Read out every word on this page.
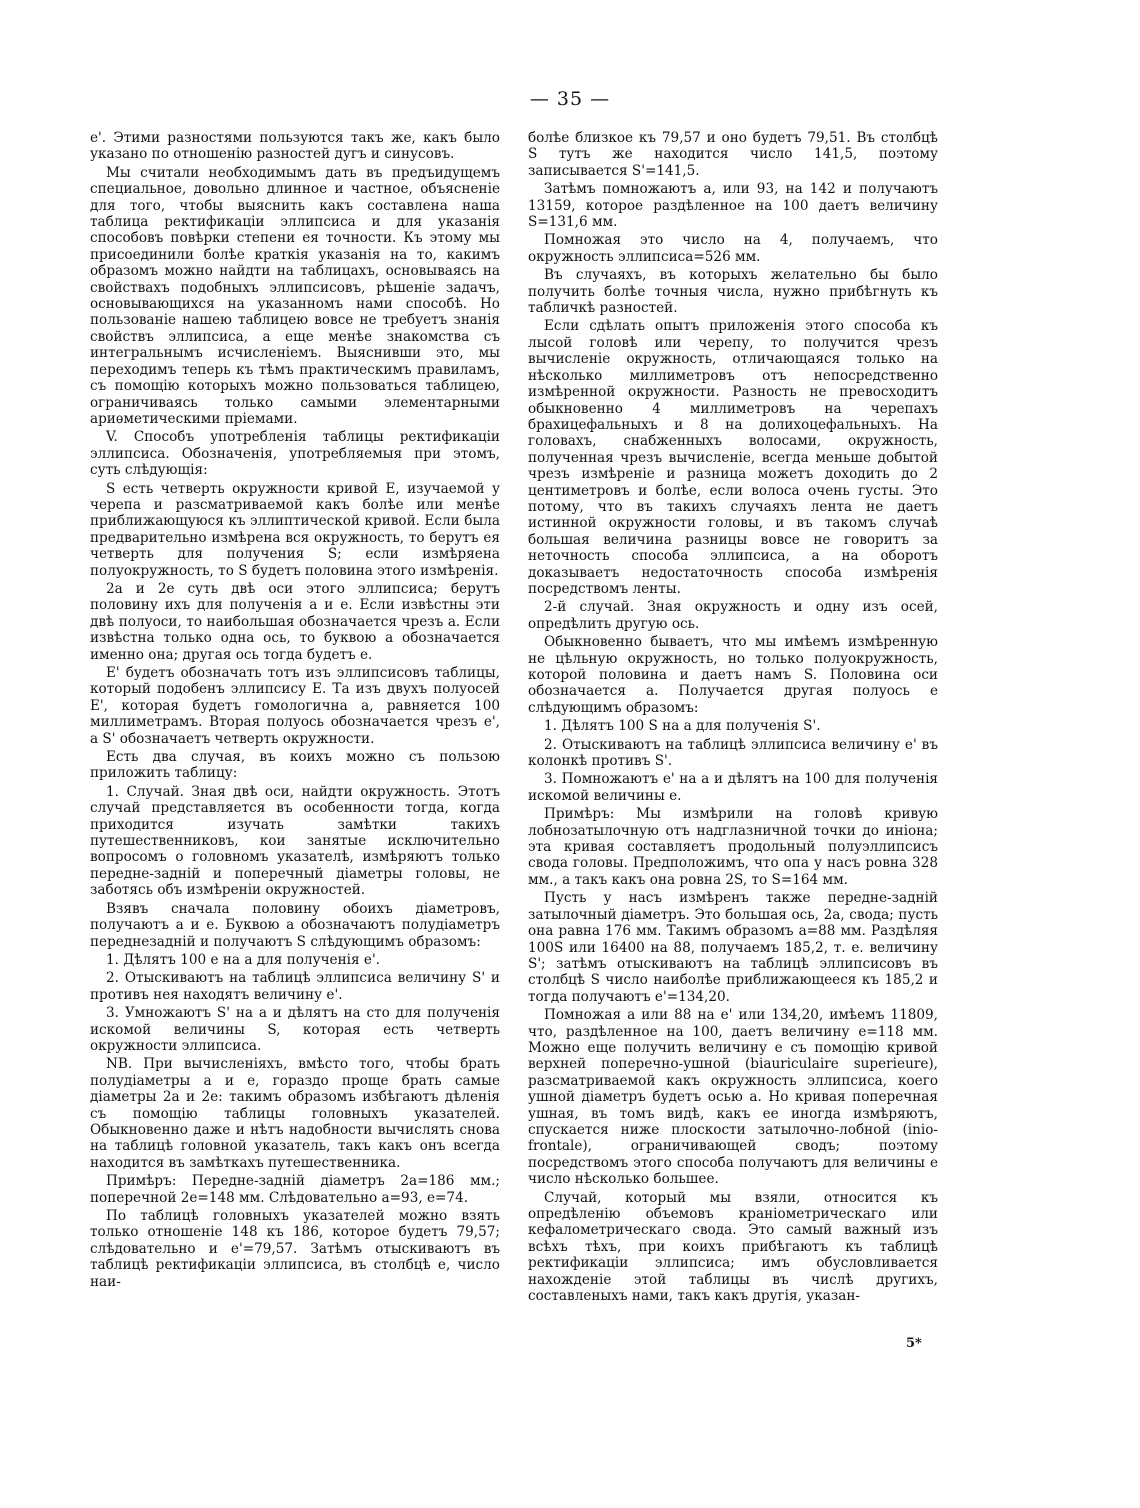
— 35 —

e'. Этими разностями пользуются такъ же, какъ было указано по отношенію разностей дугъ и синусовъ.

Мы считали необходимымъ дать въ предъидущемъ специальное, довольно длинное и частное, объясненіе для того, чтобы выяснить какъ составлена наша таблица ректификаціи эллипсиса и для указанія способовъ повѣрки степени ея точности. Къ этому мы присоединили болѣе краткія указанія на то, какимъ образомъ можно найдти на таблицахъ, основываясь на свойствахъ подобныхъ эллипсисовъ, рѣшеніе задачъ, основывающихся на указанномъ нами способѣ. Но пользованіе нашею таблицею вовсе не требуетъ знанія свойствъ эллипсиса, а еще менѣе знакомства съ интегральнымъ исчисленіемъ. Выяснивши это, мы переходимъ теперь къ тѣмъ практическимъ правиламъ, съ помощію которыхъ можно пользоваться таблицею, ограничиваясь только самыми элементарными ариѳметическими пріемами.

V. Способъ употребленія таблицы ректификаціи эллипсиса. Обозначенія, употребляемыя при этомъ, суть слѣдующія:

S есть четверть окружности кривой E, изучаемой у черепа и разсматриваемой какъ болѣе или менѣе приближающуюся къ эллиптической кривой. Если была предварительно измѣрена вся окружность, то берутъ ея четверть для получения S; если измѣряена полуокружность, то S будетъ половина этого измѣренія.

2a и 2e суть двѣ оси этого эллипсиса; берутъ половину ихъ для полученія a и e. Если извѣстны эти двѣ полуоси, то наибольшая обозначается чрезъ a. Если извѣстна только одна ось, то буквою a обозначается именно она; другая ось тогда будетъ e.

E' будетъ обозначать тотъ изъ эллипсисовъ таблицы, который подобенъ эллипсису E. Та изъ двухъ полуосей E', которая будетъ гомологична a, равняется 100 миллиметрамъ. Вторая полуось обозначается чрезъ e', а S' обозначаетъ четверть окружности.

Есть два случая, въ коихъ можно съ пользою приложить таблицу:

1. Случай. Зная двѣ оси, найдти окружность. Этотъ случай представляется въ особенности тогда, когда приходится изучать замѣтки такихъ путешественниковъ, кои занятые исключительно вопросомъ о головномъ указателѣ, измѣряютъ только передне-задній и поперечный діаметры головы, не заботясь объ измѣреніи окружностей.

Взявъ сначала половину обоихъ діаметровъ, получаютъ a и e. Буквою a обозначаютъ полудіаметръ переднезадній и получаютъ S слѣдующимъ образомъ:

1. Дѣлятъ 100 e на a для полученія e'.

2. Отыскиваютъ на таблицѣ эллипсиса величину S' и противъ нея находятъ величину e'.

3. Умножаютъ S' на a и дѣлятъ на сто для полученія искомой величины S, которая есть четверть окружности эллипсиса.

NB. При вычисленіяхъ, вмѣсто того, чтобы брать полудіаметры a и e, гораздо проще брать самые діаметры 2a и 2e: такимъ образомъ избѣгаютъ дѣленія съ помощію таблицы головныхъ указателей. Обыкновенно даже и нѣтъ надобности вычислять снова на таблицѣ головной указатель, такъ какъ онъ всегда находится въ замѣткахъ путешественника.

Примѣръ: Передне-задній діаметръ 2a=186 мм.; поперечной 2e=148 мм. Слѣдовательно a=93, e=74.

По таблицѣ головныхъ указателей можно взять только отношеніе 148 къ 186, которое будетъ 79,57; слѣдовательно и e'=79,57. Затѣмъ отыскиваютъ въ таблицѣ ректификаціи эллипсиса, въ столбцѣ e, число наи-

болѣе близкое къ 79,57 и оно будетъ 79,51. Въ столбцѣ S тутъ же находится число 141,5, поэтому записывается S'=141,5.

Затѣмъ помножаютъ a, или 93, на 142 и получаютъ 13159, которое раздѣленное на 100 даетъ величину S=131,6 мм.

Помножая это число на 4, получаемъ, что окружность эллипсиса=526 мм.

Въ случаяхъ, въ которыхъ желательно бы было получить болѣе точныя числа, нужно прибѣгнуть къ табличкѣ разностей.

Если сдѣлать опытъ приложенія этого способа къ лысой головѣ или черепу, то получится чрезъ вычисленіе окружность, отличающаяся только на нѣсколько миллиметровъ отъ непосредственно измѣренной окружности. Разность не превосходитъ обыкновенно 4 миллиметровъ на черепахъ брахицефальныхъ и 8 на долихоцефальныхъ. На головахъ, снабженныхъ волосами, окружность, полученная чрезъ вычисленіе, всегда меньше добытой чрезъ измѣреніе и разница можетъ доходить до 2 центиметровъ и болѣе, если волоса очень густы. Это потому, что въ такихъ случаяхъ лента не даетъ истинной окружности головы, и въ такомъ случаѣ большая величина разницы вовсе не говоритъ за неточность способа эллипсиса, а на оборотъ доказываетъ недостаточность способа измѣренія посредствомъ ленты.

2-й случай. Зная окружность и одну изъ осей, опредѣлить другую ось.

Обыкновенно бываетъ, что мы имѣемъ измѣренную не цѣльную окружность, но только полуокружность, которой половина и даетъ намъ S. Половина оси обозначается a. Получается другая полуось e слѣдующимъ образомъ:

1. Дѣлятъ 100 S на a для полученія S'.

2. Отыскиваютъ на таблицѣ эллипсиса величину e' въ колонкѣ противъ S'.

3. Помножаютъ e' на a и дѣлятъ на 100 для полученія искомой величины e.

Примѣръ: Мы измѣрили на головѣ кривую лобнозатылочную отъ надглазничной точки до иніона; эта кривая составляетъ продольный полуэллипсисъ свода головы. Предположимъ, что опа у насъ ровна 328 мм., а такъ какъ она ровна 2S, то S=164 мм.

Пусть у насъ измѣренъ также передне-задній затылочный діаметръ. Это большая ось, 2a, свода; пусть она равна 176 мм. Такимъ образомъ a=88 мм. Раздѣляя 100S или 16400 на 88, получаемъ 185,2, т. е. величину S'; затѣмъ отыскиваютъ на таблицѣ эллипсисовъ въ столбцѣ S число наиболѣе приближающееся къ 185,2 и тогда получаютъ e'=134,20.

Помножая a или 88 на e' или 134,20, имѣемъ 11809, что, раздѣленное на 100, даетъ величину e=118 мм. Можно еще получить величину e съ помощію кривой верхней поперечно-ушной (biauriculaire superieure), разсматриваемой какъ окружность эллипсиса, коего ушной діаметръ будетъ осью a. Но кривая поперечная ушная, въ томъ видѣ, какъ ее иногда измѣряютъ, спускается ниже плоскости затылочно-лобной (inio-frontale), ограничивающей сводъ; поэтому посредствомъ этого способа получаютъ для величины e число нѣсколько большее.

Случай, который мы взяли, относится къ опредѣленію объемовъ краніометрическаго или кефалометрическаго свода. Это самый важный изъ всѣхъ тѣхъ, при коихъ прибѣгаютъ къ таблицѣ ректификаціи эллипсиса; имъ обусловливается нахожденіе этой таблицы въ числѣ другихъ, составленыхъ нами, такъ какъ другія, указан-

5*
